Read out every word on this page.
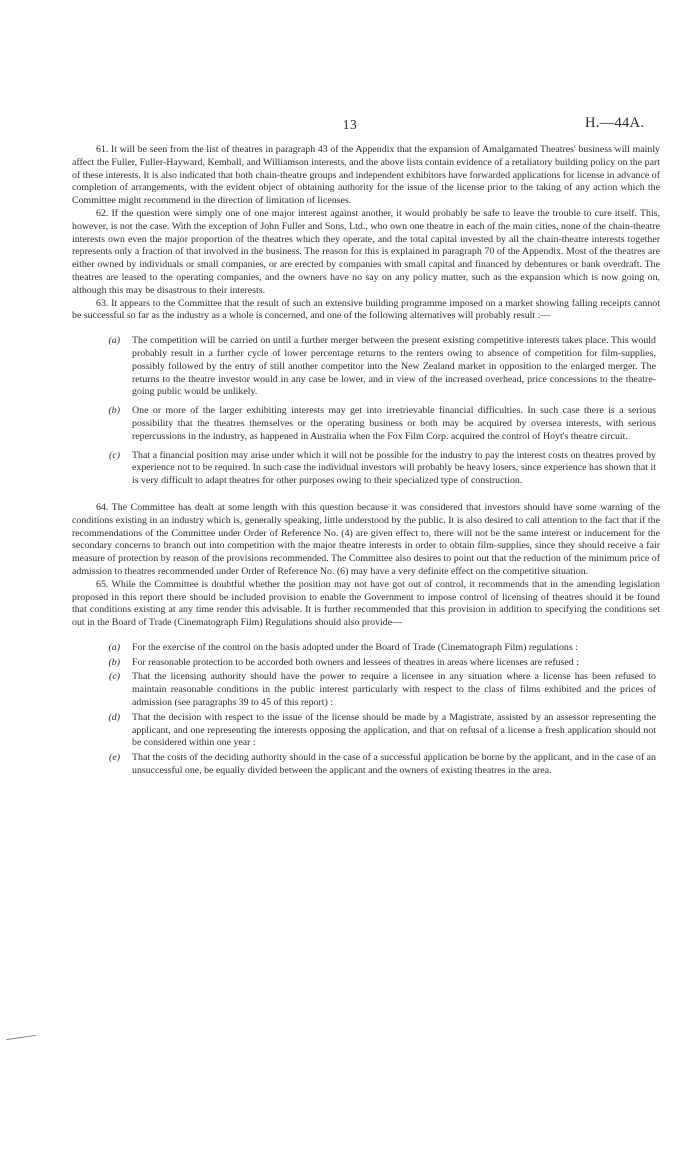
13	H.—44A.

61. It will be seen from the list of theatres in paragraph 43 of the Appendix that the expansion of Amalgamated Theatres' business will mainly affect the Fuller, Fuller-Hayward, Kemball, and Williamson interests, and the above lists contain evidence of a retaliatory building policy on the part of these interests. It is also indicated that both chain-theatre groups and independent exhibitors have forwarded applications for license in advance of completion of arrangements, with the evident object of obtaining authority for the issue of the license prior to the taking of any action which the Committee might recommend in the direction of limitation of licenses.

62. If the question were simply one of one major interest against another, it would probably be safe to leave the trouble to cure itself. This, however, is not the case. With the exception of John Fuller and Sons, Ltd., who own one theatre in each of the main cities, none of the chain-theatre interests own even the major proportion of the theatres which they operate, and the total capital invested by all the chain-theatre interests together represents only a fraction of that involved in the business. The reason for this is explained in paragraph 70 of the Appendix. Most of the theatres are either owned by individuals or small companies, or are erected by companies with small capital and financed by debentures or bank overdraft. The theatres are leased to the operating companies, and the owners have no say on any policy matter, such as the expansion which is now going on, although this may be disastrous to their interests.

63. It appears to the Committee that the result of such an extensive building programme imposed on a market showing falling receipts cannot be successful so far as the industry as a whole is concerned, and one of the following alternatives will probably result :—

(a)	The competition will be carried on until a further merger between the present existing competitive interests takes place. This would probably result in a further cycle of lower percentage returns to the renters owing to absence of competition for film-supplies, possibly followed by the entry of still another competitor into the New Zealand market in opposition to the enlarged merger. The returns to the theatre investor would in any case be lower, and in view of the increased overhead, price concessions to the theatre-going public would be unlikely.
(b)	One or more of the larger exhibiting interests may get into irretrievable financial difficulties. In such case there is a serious possibility that the theatres themselves or the operating business or both may be acquired by oversea interests, with serious repercussions in the industry, as happened in Australia when the Fox Film Corp. acquired the control of Hoyt's theatre circuit.
(c)	That a financial position may arise under which it will not be possible for the industry to pay the interest costs on theatres proved by experience not to be required. In such case the individual investors will probably be heavy losers, since experience has shown that it is very difficult to adapt theatres for other purposes owing to their specialized type of construction.

64. The Committee has dealt at some length with this question because it was considered that investors should have some warning of the conditions existing in an industry which is, generally speaking, little understood by the public. It is also desired to call attention to the fact that if the recommendations of the Committee under Order of Reference No. (4) are given effect to, there will not be the same interest or inducement for the secondary concerns to branch out into competition with the major theatre interests in order to obtain film-supplies, since they should receive a fair measure of protection by reason of the provisions recommended. The Committee also desires to point out that the reduction of the minimum price of admission to theatres recommended under Order of Reference No. (6) may have a very definite effect on the competitive situation.

65. While the Committee is doubtful whether the position may not have got out of control, it recommends that in the amending legislation proposed in this report there should be included provision to enable the Government to impose control of licensing of theatres should it be found that conditions existing at any time render this advisable. It is further recommended that this provision in addition to specifying the conditions set out in the Board of Trade (Cinematograph Film) Regulations should also provide—

(a)	For the exercise of the control on the basis adopted under the Board of Trade (Cinematograph Film) regulations :
(b)	For reasonable protection to be accorded both owners and lessees of theatres in areas where licenses are refused :
(c)	That the licensing authority should have the power to require a licensee in any situation where a license has been refused to maintain reasonable conditions in the public interest particularly with respect to the class of films exhibited and the prices of admission (see paragraphs 39 to 45 of this report) :
(d)	That the decision with respect to the issue of the license should be made by a Magistrate, assisted by an assessor representing the applicant, and one representing the interests opposing the application, and that on refusal of a license a fresh application should not be considered within one year :
(e)	That the costs of the deciding authority should in the case of a successful application be borne by the applicant, and in the case of an unsuccessful one, be equally divided between the applicant and the owners of existing theatres in the area.
